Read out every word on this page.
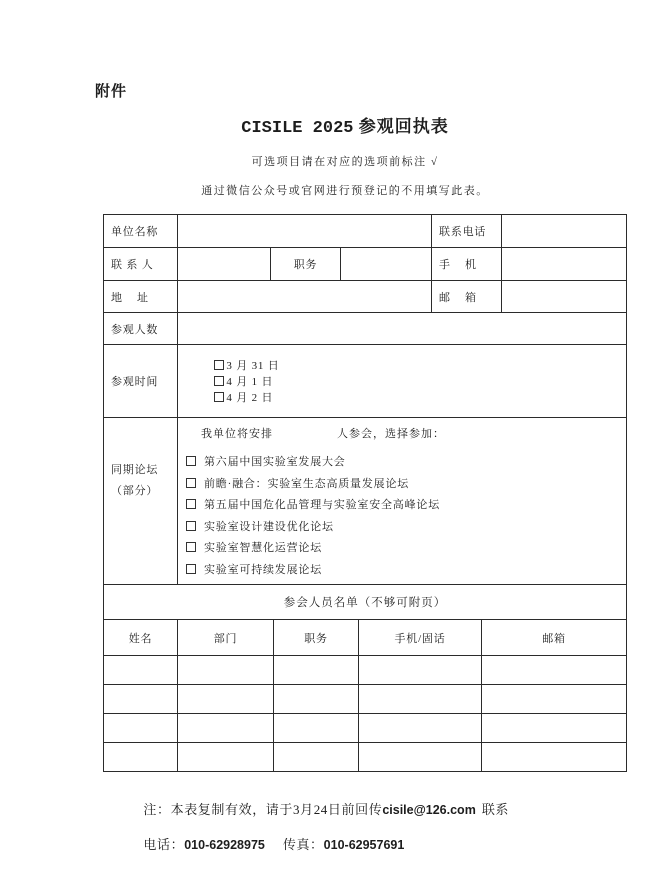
附件
CISILE 2025 参观回执表
可选项目请在对应的选项前标注 √
通过微信公众号或官网进行预登记的不用填写此表。
单位名称				联系电话	
联 系 人		职务		手    机	
地    址				邮    箱	
参观人数					
参观时间	3 月 31 日
4 月 1 日
4 月 2 日				

同期论坛
（部分）

我单位将安排	人参会，选择参加：
第六届中国实验室发展大会
前瞻·融合：实验室生态高质量发展论坛
第五届中国危化品管理与实验室安全高峰论坛
实验室设计建设优化论坛
实验室智慧化运营论坛
实验室可持续发展论坛
参会人员名单（不够可附页）				
姓名	部门	职务	手机/固话	邮箱

注：本表复制有效，请于3月24日前回传cisile@126.com 联系

电话：010-62928975 传真：010-62957691
